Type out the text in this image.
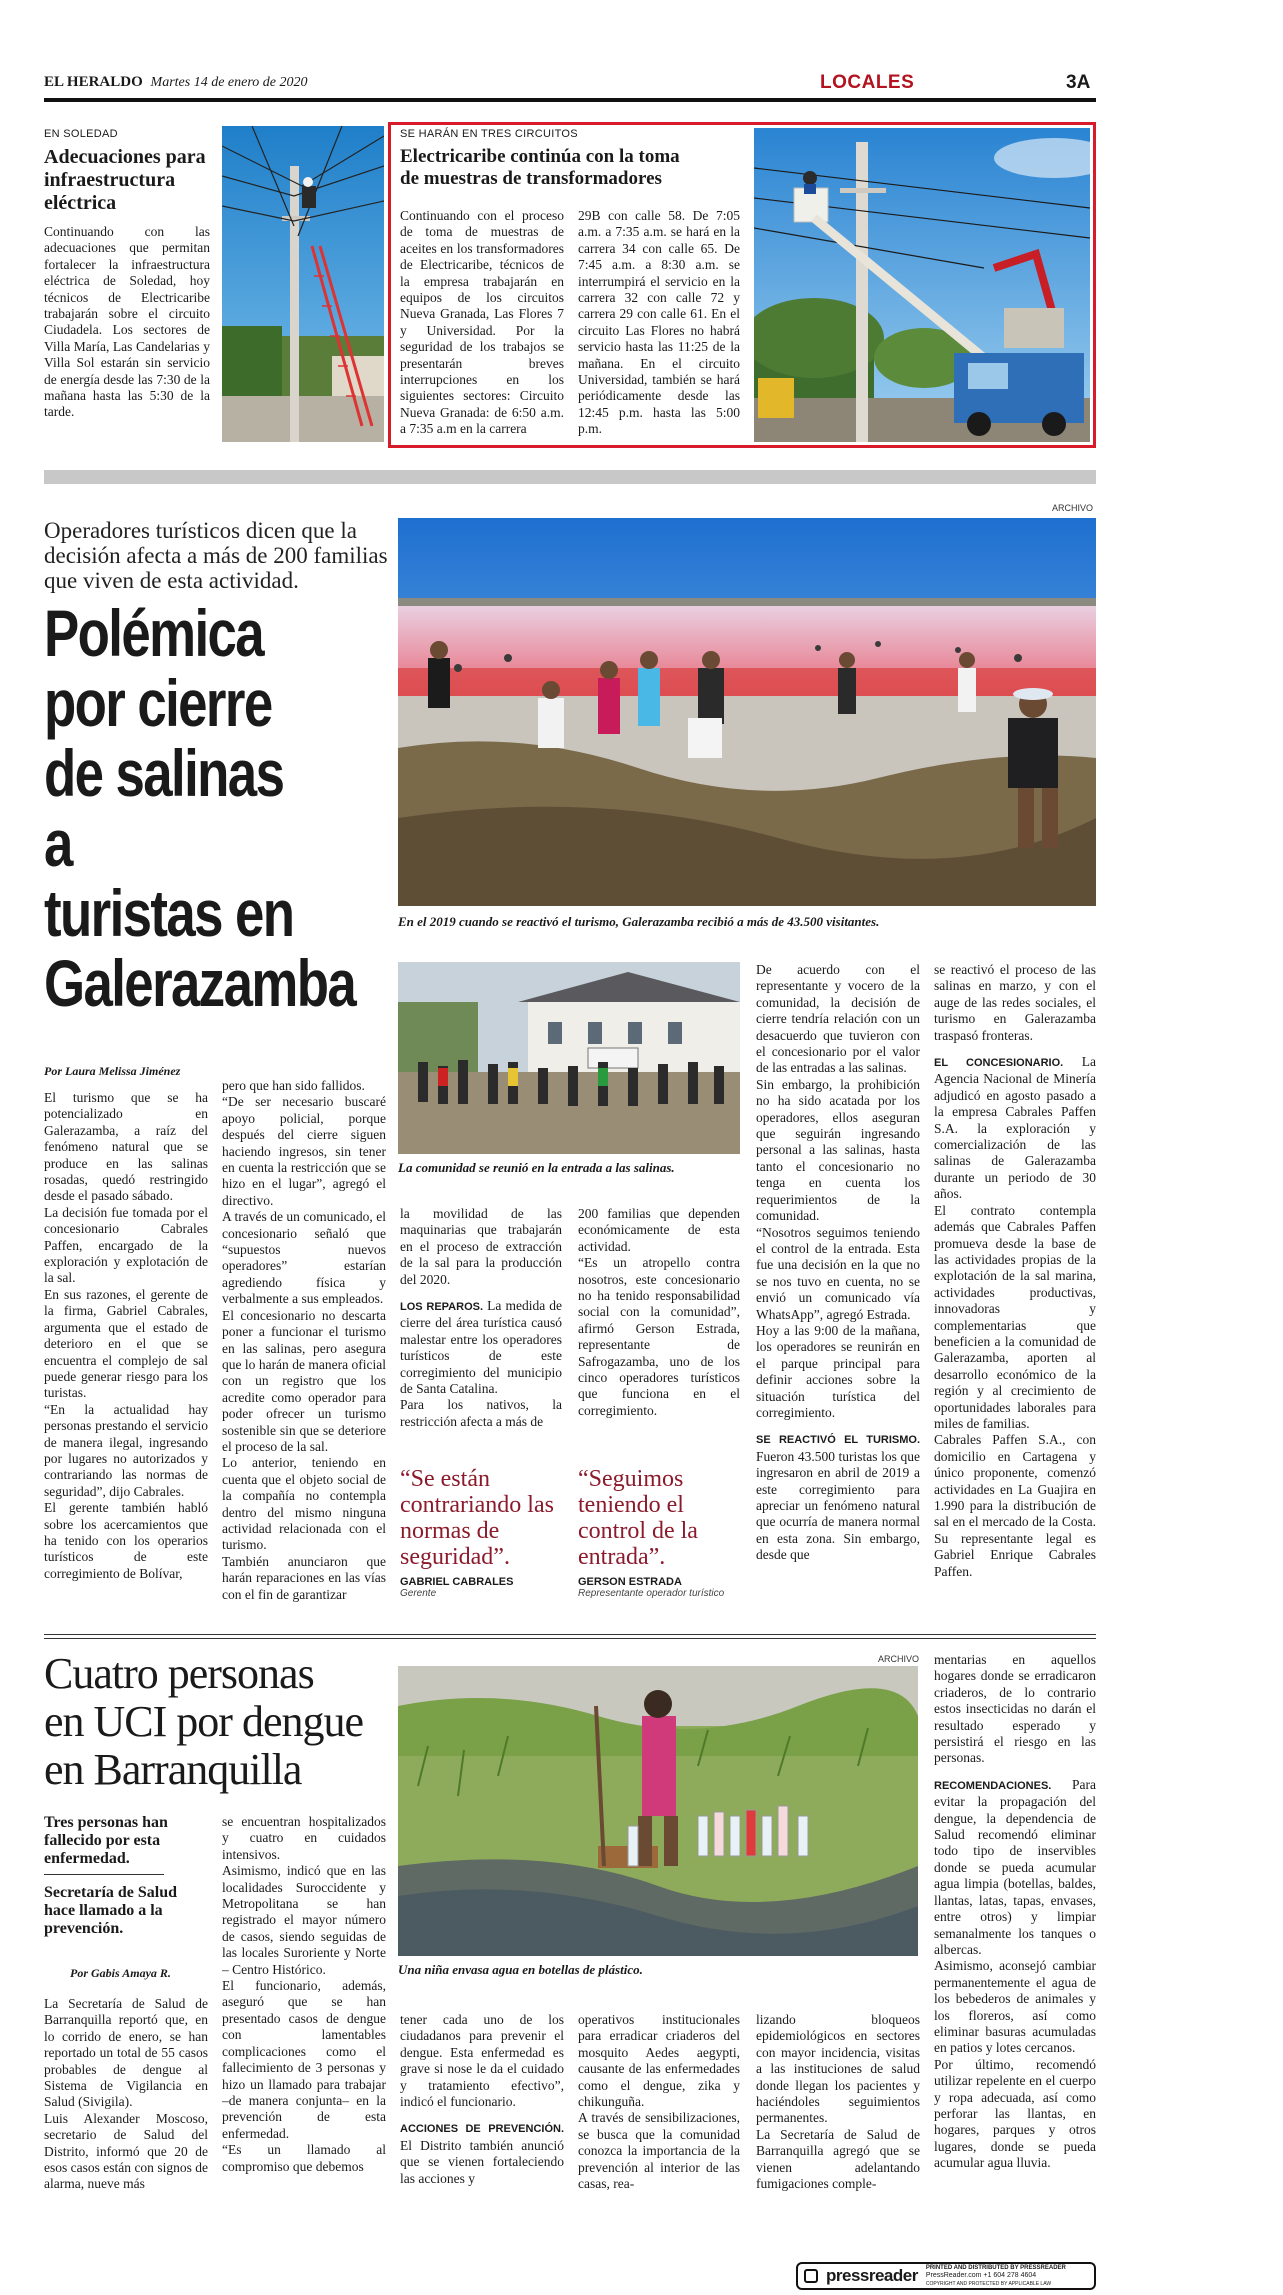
EL HERALDO Martes 14 de enero de 2020	LOCALES	3A
EN SOLEDAD
Adecuaciones para infraestructura eléctrica
Continuando con las adecuaciones que permitan fortalecer la infraestructura eléctrica de Soledad, hoy técnicos de Electricaribe trabajarán sobre el circuito Ciudadela. Los sectores de Villa María, Las Candelarias y Villa Sol estarán sin servicio de energía desde las 7:30 de la mañana hasta las 5:30 de la tarde.
SE HARÁN EN TRES CIRCUITOS
Electricaribe continúa con la toma de muestras de transformadores
Continuando con el proceso de toma de muestras de aceites en los transformadores de Electricaribe, técnicos de la empresa trabajarán en equipos de los circuitos Nueva Granada, Las Flores 7 y Universidad. Por la seguridad de los trabajos se presentarán breves interrupciones en los siguientes sectores: Circuito Nueva Granada: de 6:50 a.m. a 7:35 a.m en la carrera
29B con calle 58. De 7:05 a.m. a 7:35 a.m. se hará en la carrera 34 con calle 65. De 7:45 a.m. a 8:30 a.m. se interrumpirá el servicio en la carrera 32 con calle 72 y carrera 29 con calle 61. En el circuito Las Flores no habrá servicio hasta las 11:25 de la mañana. En el circuito Universidad, también se hará periódicamente desde las 12:45 p.m. hasta las 5:00 p.m.
ARCHIVO
Operadores turísticos dicen que la decisión afecta a más de 200 familias que viven de esta actividad.
Polémica
por cierre
de salinas a
turistas en
Galerazamba
En el 2019 cuando se reactivó el turismo, Galerazamba recibió a más de 43.500 visitantes.
La comunidad se reunió en la entrada a las salinas.
Por Laura Melissa Jiménez

El turismo que se ha potencializado en Galerazamba, a raíz del fenómeno natural que se produce en las salinas rosadas, quedó restringido desde el pasado sábado.
La decisión fue tomada por el concesionario Cabrales Paffen, encargado de la exploración y explotación de la sal.
En sus razones, el gerente de la firma, Gabriel Cabrales, argumenta que el estado de deterioro en el que se encuentra el complejo de sal puede generar riesgo para los turistas.
“En la actualidad hay personas prestando el servicio de manera ilegal, ingresando por lugares no autorizados y contrariando las normas de seguridad”, dijo Cabrales.
El gerente también habló sobre los acercamientos que ha tenido con los operarios turísticos de este corregimiento de Bolívar,

pero que han sido fallidos.
“De ser necesario buscaré apoyo policial, porque después del cierre siguen haciendo ingresos, sin tener en cuenta la restricción que se hizo en el lugar”, agregó el directivo.
A través de un comunicado, el concesionario señaló que “supuestos nuevos operadores” estarían agrediendo física y verbalmente a sus empleados.
El concesionario no descarta poner a funcionar el turismo en las salinas, pero asegura que lo harán de manera oficial con un registro que los acredite como operador para poder ofrecer un turismo sostenible sin que se deteriore el proceso de la sal.
Lo anterior, teniendo en cuenta que el objeto social de la compañía no contempla dentro del mismo ninguna actividad relacionada con el turismo.
También anunciaron que harán reparaciones en las vías con el fin de garantizar

la movilidad de las maquinarias que trabajarán en el proceso de extracción de la sal para la producción del 2020.

LOS REPAROS. La medida de cierre del área turística causó malestar entre los operadores turísticos de este corregimiento del municipio de Santa Catalina.
Para los nativos, la restricción afecta a más de

200 familias que dependen económicamente de esta actividad.
“Es un atropello contra nosotros, este concesionario no ha tenido responsabilidad social con la comunidad”, afirmó Gerson Estrada, representante de Safrogazamba, uno de los cinco operadores turísticos que funciona en el corregimiento.

“Se están contrariando las normas de seguridad”.
GABRIEL CABRALES
Gerente
“Seguimos teniendo el control de la entrada”.
GERSON ESTRADA
Representante operador turístico

De acuerdo con el representante y vocero de la comunidad, la decisión de cierre tendría relación con un desacuerdo que tuvieron con el concesionario por el valor de las entradas a las salinas.
Sin embargo, la prohibición no ha sido acatada por los operadores, ellos aseguran que seguirán ingresando personal a las salinas, hasta tanto el concesionario no tenga en cuenta los requerimientos de la comunidad.
“Nosotros seguimos teniendo el control de la entrada. Esta fue una decisión en la que no se nos tuvo en cuenta, no se envió un comunicado vía WhatsApp”, agregó Estrada.
Hoy a las 9:00 de la mañana, los operadores se reunirán en el parque principal para definir acciones sobre la situación turística del corregimiento.

SE REACTIVÓ EL TURISMO. Fueron 43.500 turistas los que ingresaron en abril de 2019 a este corregimiento para apreciar un fenómeno natural que ocurría de manera normal en esta zona. Sin embargo, desde que

se reactivó el proceso de las salinas en marzo, y con el auge de las redes sociales, el turismo en Galerazamba traspasó fronteras.

EL CONCESIONARIO. La Agencia Nacional de Minería adjudicó en agosto pasado a la empresa Cabrales Paffen S.A. la exploración y comercialización de las salinas de Galerazamba durante un periodo de 30 años.
El contrato contempla además que Cabrales Paffen promueva desde la base de las actividades propias de la explotación de la sal marina, actividades productivas, innovadoras y complementarias que beneficien a la comunidad de Galerazamba, aporten al desarrollo económico de la región y al crecimiento de oportunidades laborales para miles de familias.
Cabrales Paffen S.A., con domicilio en Cartagena y único proponente, comenzó actividades en La Guajira en 1.990 para la distribución de sal en el mercado de la Costa. Su representante legal es Gabriel Enrique Cabrales Paffen.

ARCHIVO
Cuatro personas
en UCI por dengue
en Barranquilla
Tres personas han fallecido por esta enfermedad.
Secretaría de Salud hace llamado a la prevención.
Por Gabis Amaya R.	Una niña envasa agua en botellas de plástico.

La Secretaría de Salud de Barranquilla reportó que, en lo corrido de enero, se han reportado un total de 55 casos probables de dengue al Sistema de Vigilancia en Salud (Sivigila).
Luis Alexander Moscoso, secretario de Salud del Distrito, informó que 20 de esos casos están con signos de alarma, nueve más

se encuentran hospitalizados y cuatro en cuidados intensivos.
Asimismo, indicó que en las localidades Suroccidente y Metropolitana se han registrado el mayor número de casos, siendo seguidas de las locales Suroriente y Norte – Centro Histórico.
El funcionario, además, aseguró que se han presentado casos de dengue con lamentables complicaciones como el fallecimiento de 3 personas y hizo un llamado para trabajar –de manera conjunta– en la prevención de esta enfermedad.
“Es un llamado al compromiso que debemos

tener cada uno de los ciudadanos para prevenir el dengue. Esta enfermedad es grave si nose le da el cuidado y tratamiento efectivo”, indicó el funcionario.

ACCIONES DE PREVENCIÓN. El Distrito también anunció que se vienen fortaleciendo las acciones y

operativos institucionales para erradicar criaderos del mosquito Aedes aegypti, causante de las enfermedades como el dengue, zika y chikunguña.
A través de sensibilizaciones, se busca que la comunidad conozca la importancia de la prevención al interior de las casas, rea-

lizando bloqueos epidemiológicos en sectores con mayor incidencia, visitas a las instituciones de salud donde llegan los pacientes y haciéndoles seguimientos permanentes.
La Secretaría de Salud de Barranquilla agregó que se vienen adelantando fumigaciones comple-

mentarias en aquellos hogares donde se erradicaron criaderos, de lo contrario estos insecticidas no darán el resultado esperado y persistirá el riesgo en las personas.

RECOMENDACIONES. Para evitar la propagación del dengue, la dependencia de Salud recomendó eliminar todo tipo de inservibles donde se pueda acumular agua limpia (botellas, baldes, llantas, latas, tapas, envases, entre otros) y limpiar semanalmente los tanques o albercas.
Asimismo, aconsejó cambiar permanentemente el agua de los bebederos de animales y los floreros, así como eliminar basuras acumuladas en patios y lotes cercanos.
Por último, recomendó utilizar repelente en el cuerpo y ropa adecuada, así como perforar las llantas, en hogares, parques y otros lugares, donde se pueda acumular agua lluvia.

pressreader PRINTED AND DISTRIBUTED BY PRESSREADER
PressReader.com +1 604 278 4604
COPYRIGHT AND PROTECTED BY APPLICABLE LAW
